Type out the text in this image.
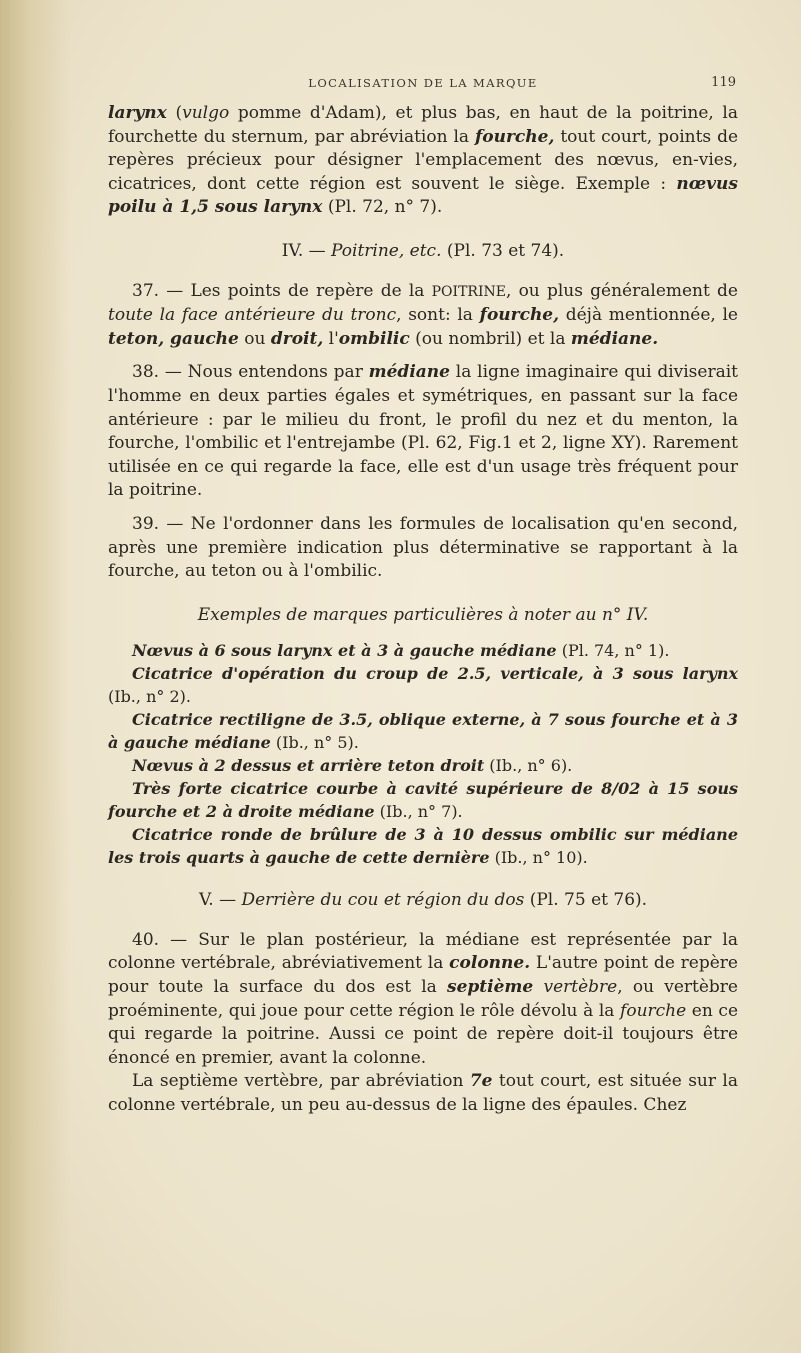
LOCALISATION DE LA MARQUE	119

larynx (vulgo pomme d'Adam), et plus bas, en haut de la poitrine, la fourchette du sternum, par abréviation la fourche, tout court, points de repères précieux pour désigner l'emplacement des nœvus, en-vies, cicatrices, dont cette région est souvent le siège. Exemple : nœvus poilu à 1,5 sous larynx (Pl. 72, n° 7).

IV. — Poitrine, etc. (Pl. 73 et 74).

37. — Les points de repère de la POITRINE, ou plus généralement de toute la face antérieure du tronc, sont: la fourche, déjà mentionnée, le teton, gauche ou droit, l'ombilic (ou nombril) et la médiane.

38. — Nous entendons par médiane la ligne imaginaire qui diviserait l'homme en deux parties égales et symétriques, en passant sur la face antérieure : par le milieu du front, le profil du nez et du menton, la fourche, l'ombilic et l'entrejambe (Pl. 62, Fig.1 et 2, ligne XY). Rarement utilisée en ce qui regarde la face, elle est d'un usage très fréquent pour la poitrine.

39. — Ne l'ordonner dans les formules de localisation qu'en second, après une première indication plus déterminative se rapportant à la fourche, au teton ou à l'ombilic.

Exemples de marques particulières à noter au n° IV.

Nœvus à 6 sous larynx et à 3 à gauche médiane (Pl. 74, n° 1).

Cicatrice d'opération du croup de 2.5, verticale, à 3 sous larynx (Ib., n° 2).

Cicatrice rectiligne de 3.5, oblique externe, à 7 sous fourche et à 3 à gauche médiane (Ib., n° 5).

Nœvus à 2 dessus et arrière teton droit (Ib., n° 6).

Très forte cicatrice courbe à cavité supérieure de 8/02 à 15 sous fourche et 2 à droite médiane (Ib., n° 7).

Cicatrice ronde de brûlure de 3 à 10 dessus ombilic sur médiane les trois quarts à gauche de cette dernière (Ib., n° 10).

V. — Derrière du cou et région du dos (Pl. 75 et 76).

40. — Sur le plan postérieur, la médiane est représentée par la colonne vertébrale, abréviativement la colonne. L'autre point de repère pour toute la surface du dos est la septième vertèbre, ou vertèbre proéminente, qui joue pour cette région le rôle dévolu à la fourche en ce qui regarde la poitrine. Aussi ce point de repère doit-il toujours être énoncé en premier, avant la colonne.

La septième vertèbre, par abréviation 7e tout court, est située sur la colonne vertébrale, un peu au-dessus de la ligne des épaules. Chez
